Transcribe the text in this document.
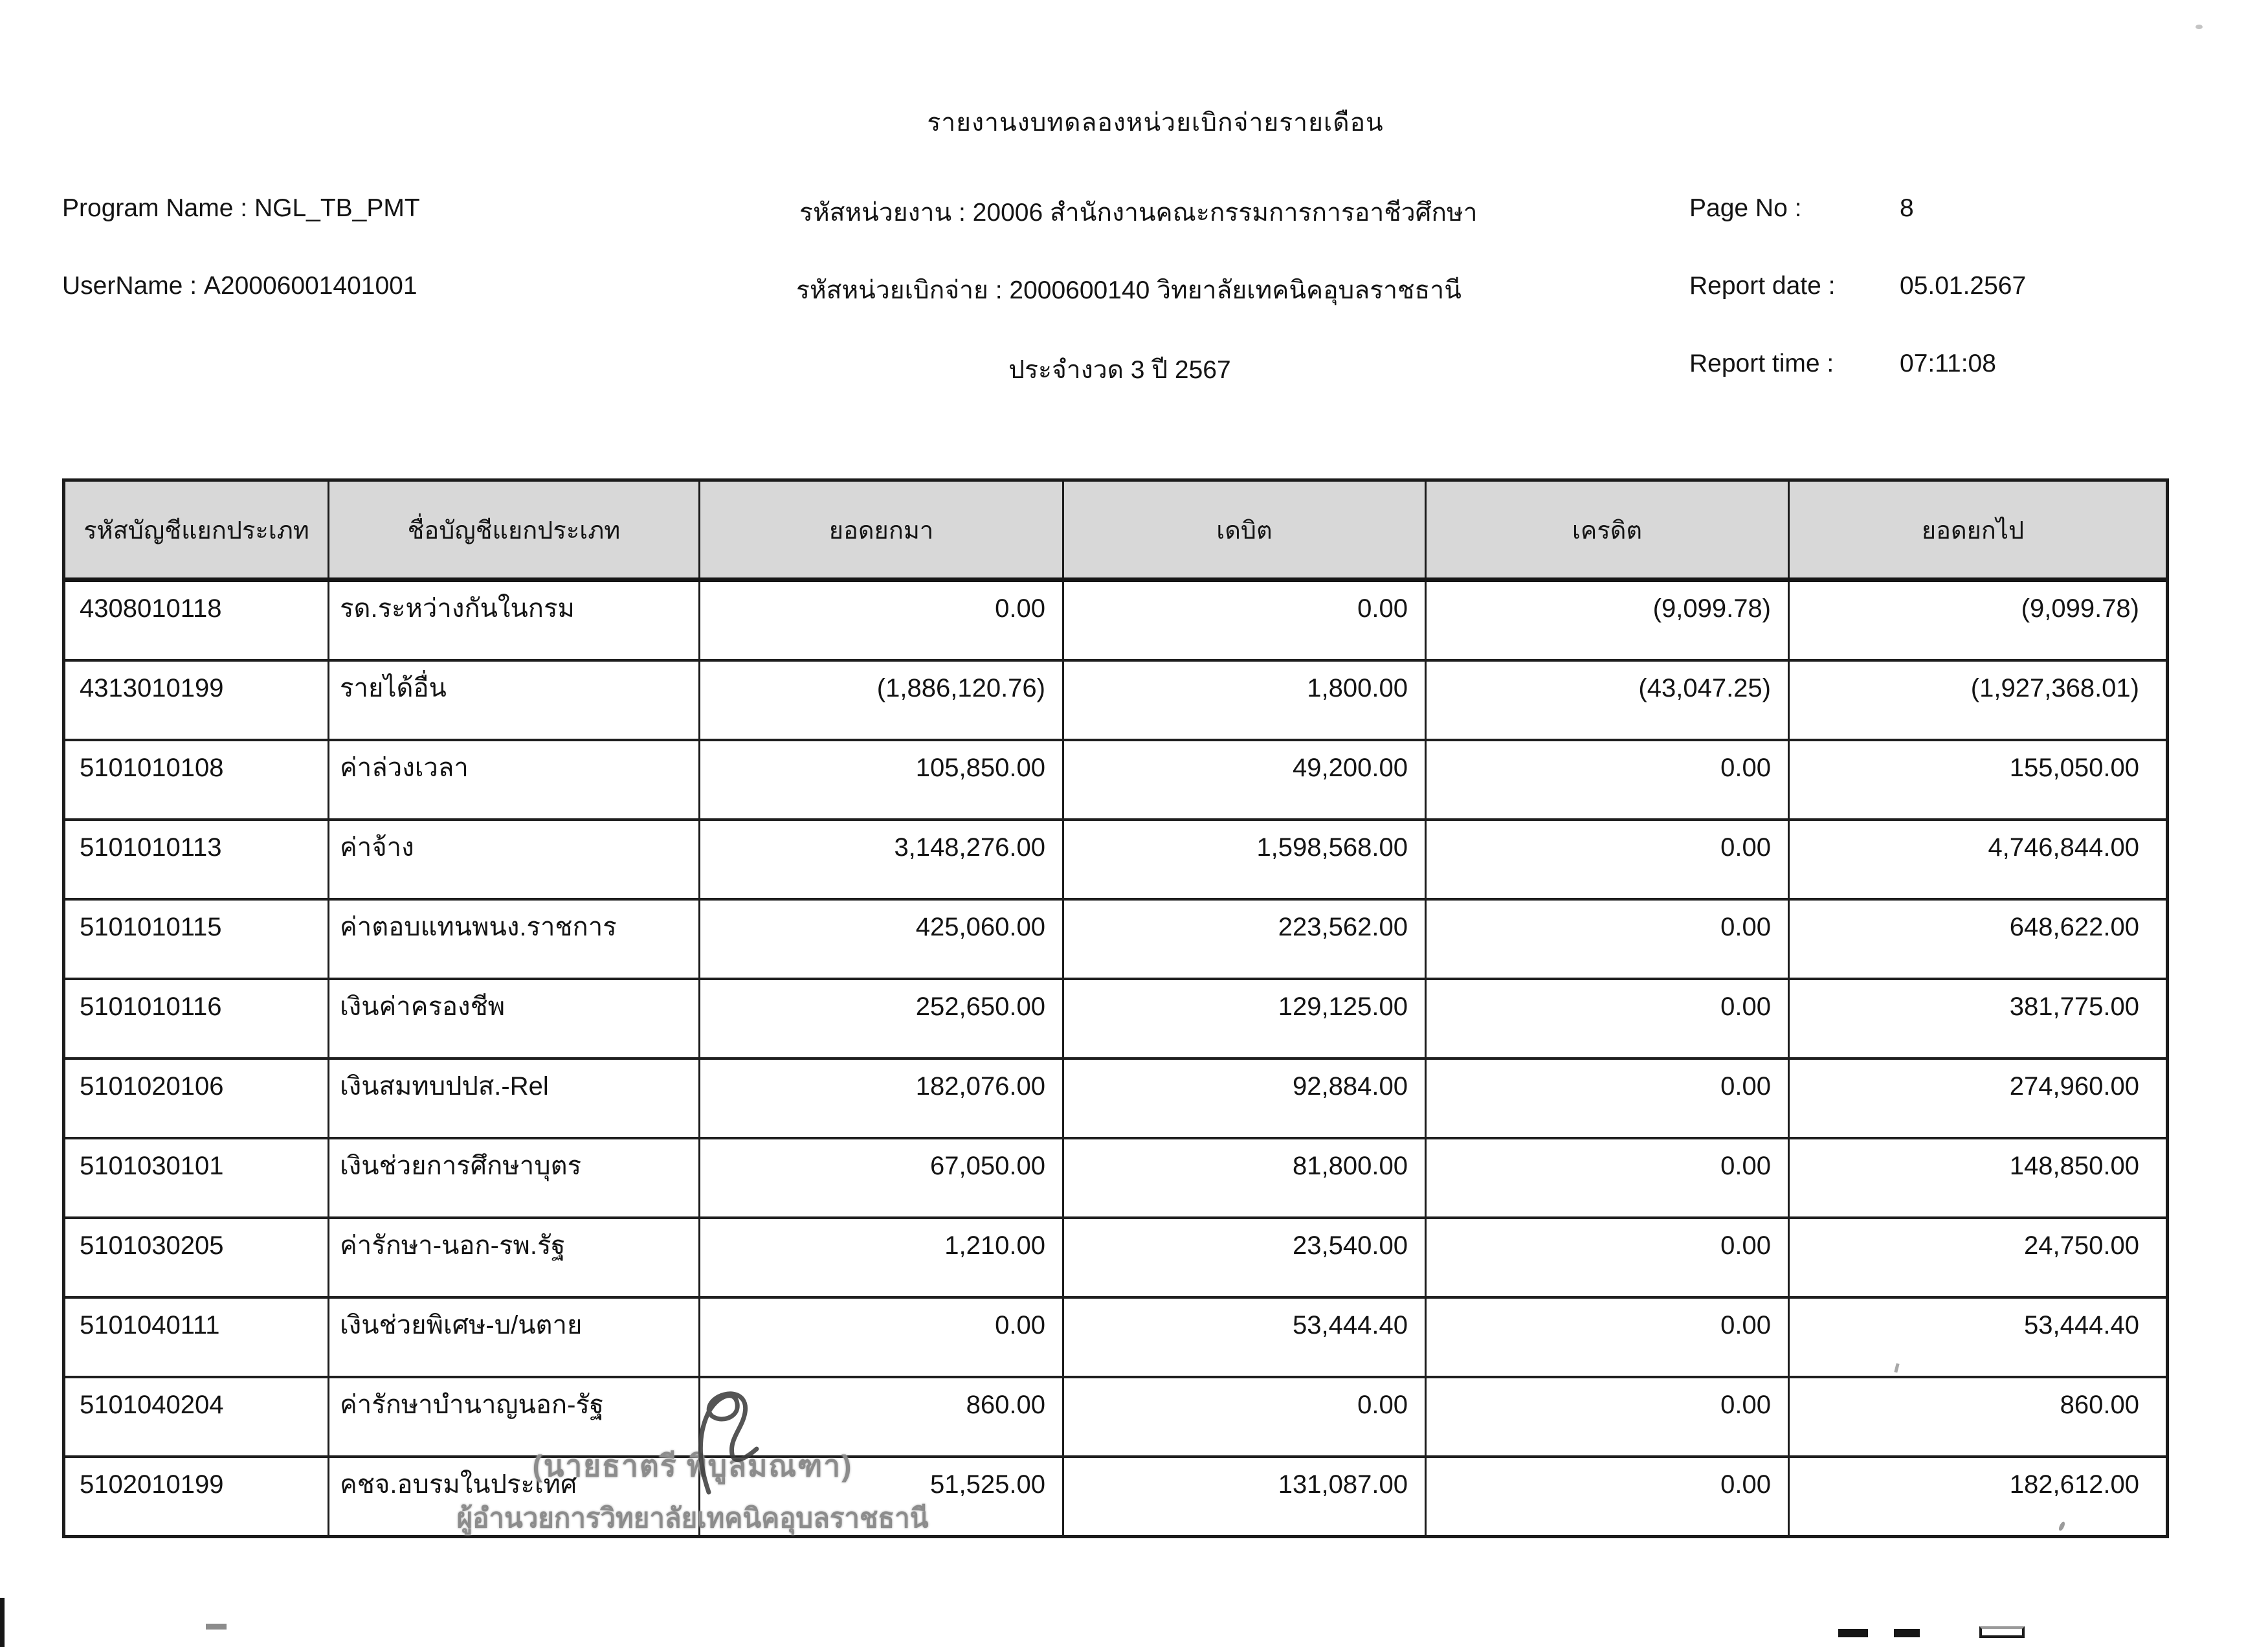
รายงานงบทดลองหน่วยเบิกจ่ายรายเดือน
Program Name : NGL_TB_PMT
UserName : A20006001401001
รหัสหน่วยงาน : 20006 สำนักงานคณะกรรมการการอาชีวศึกษา
รหัสหน่วยเบิกจ่าย : 2000600140 วิทยาลัยเทคนิคอุบลราชธานี
ประจำงวด 3 ปี 2567
Page No :	8
Report date :	05.01.2567
Report time :	07:11:08
รหัสบัญชีแยกประเภท	ชื่อบัญชีแยกประเภท	ยอดยกมา	เดบิต	เครดิต	ยอดยกไป
4308010118	รด.ระหว่างกันในกรม	0.00	0.00	(9,099.78)	(9,099.78)
4313010199	รายได้อื่น	(1,886,120.76)	1,800.00	(43,047.25)	(1,927,368.01)
5101010108	ค่าล่วงเวลา	105,850.00	49,200.00	0.00	155,050.00
5101010113	ค่าจ้าง	3,148,276.00	1,598,568.00	0.00	4,746,844.00
5101010115	ค่าตอบแทนพนง.ราชการ	425,060.00	223,562.00	0.00	648,622.00
5101010116	เงินค่าครองชีพ	252,650.00	129,125.00	0.00	381,775.00
5101020106	เงินสมทบปปส.-Rel	182,076.00	92,884.00	0.00	274,960.00
5101030101	เงินช่วยการศึกษาบุตร	67,050.00	81,800.00	0.00	148,850.00
5101030205	ค่ารักษา-นอก-รพ.รัฐ	1,210.00	23,540.00	0.00	24,750.00
5101040111	เงินช่วยพิเศษ-บ/นตาย	0.00	53,444.40	0.00	53,444.40
5101040204	ค่ารักษาบำนาญนอก-รัฐ	860.00	0.00	0.00	860.00
5102010199	คชจ.อบรมในประเทศ	51,525.00	131,087.00	0.00	182,612.00
(นายธาตรี พิบูลมณฑา)
ผู้อำนวยการวิทยาลัยเทคนิคอุบลราชธานี
